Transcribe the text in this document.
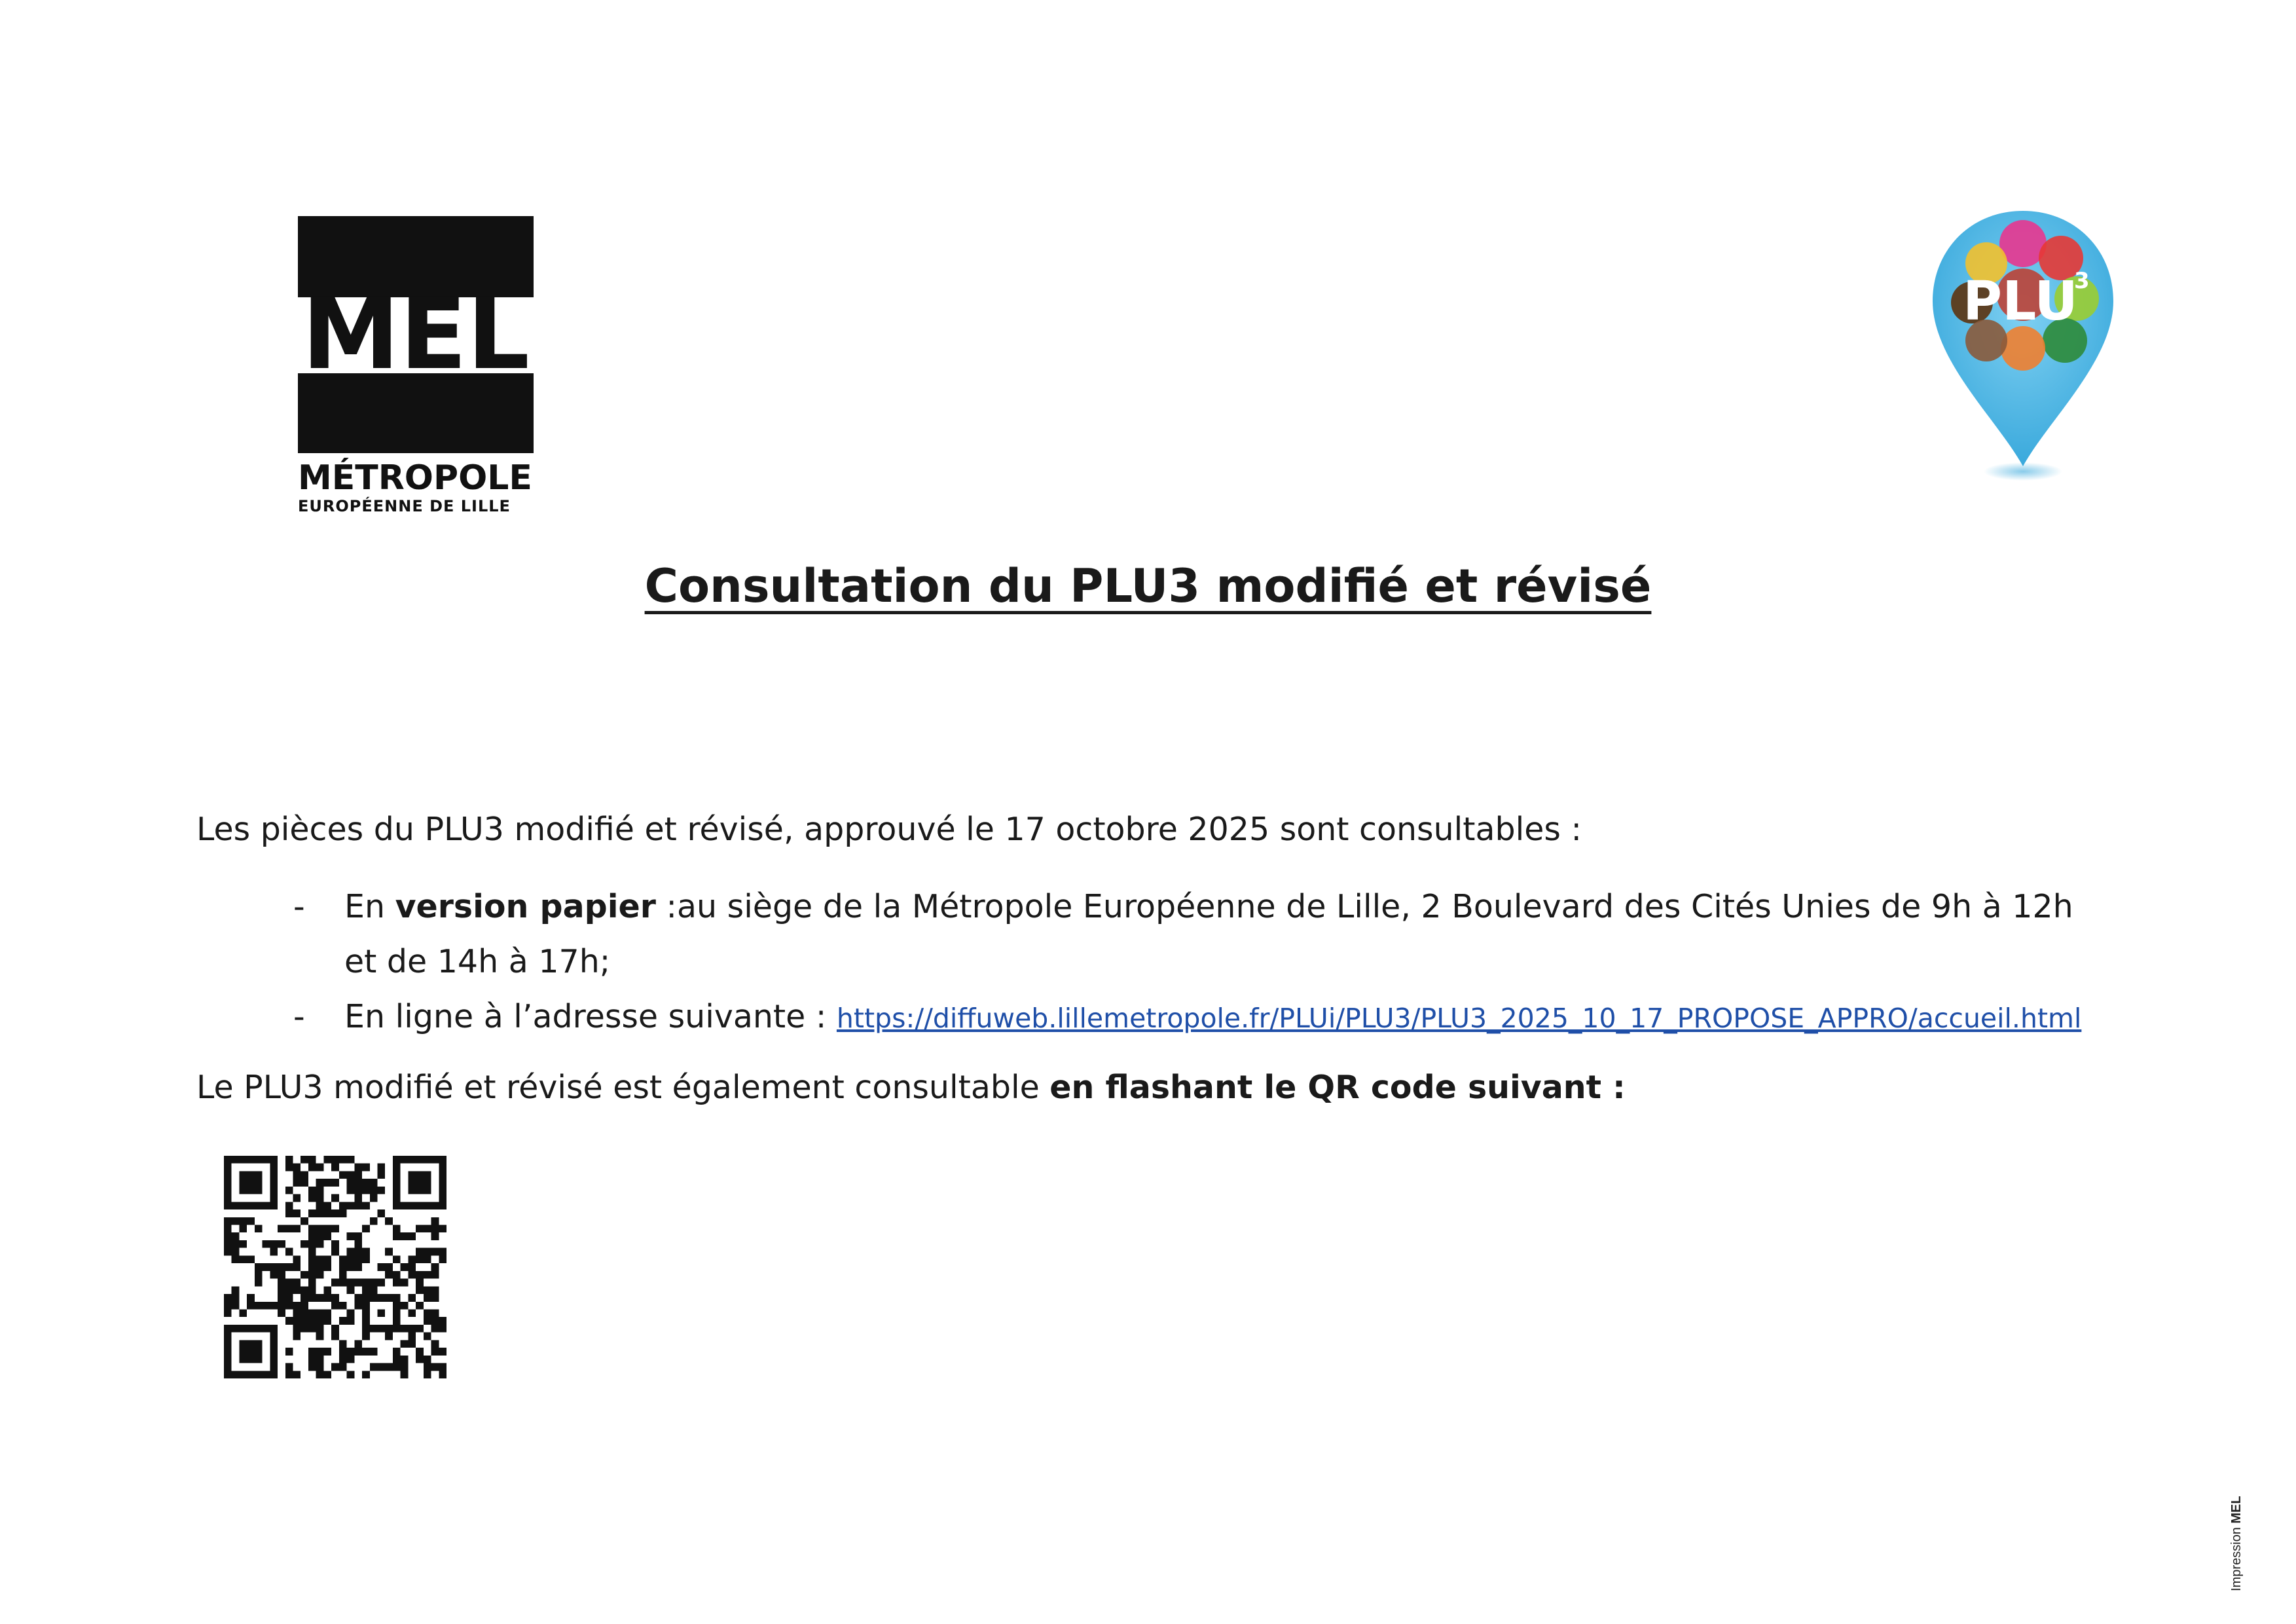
MEL
MÉTROPOLE
EUROPÉENNE DE LILLE
PLU
3
Consultation du PLU3 modifié et révisé

Les pièces du PLU3 modifié et révisé, approuvé le 17 octobre 2025 sont consultables :

- En version papier :au siège de la Métropole Européenne de Lille, 2 Boulevard des Cités Unies de 9h à 12h
et de 14h à 17h;
- En ligne à l’adresse suivante : https://diffuweb.lillemetropole.fr/PLUi/PLU3/PLU3_2025_10_17_PROPOSE_APPRO/accueil.html

Le PLU3 modifié et révisé est également consultable en flashant le QR code suivant :

Impression MEL
